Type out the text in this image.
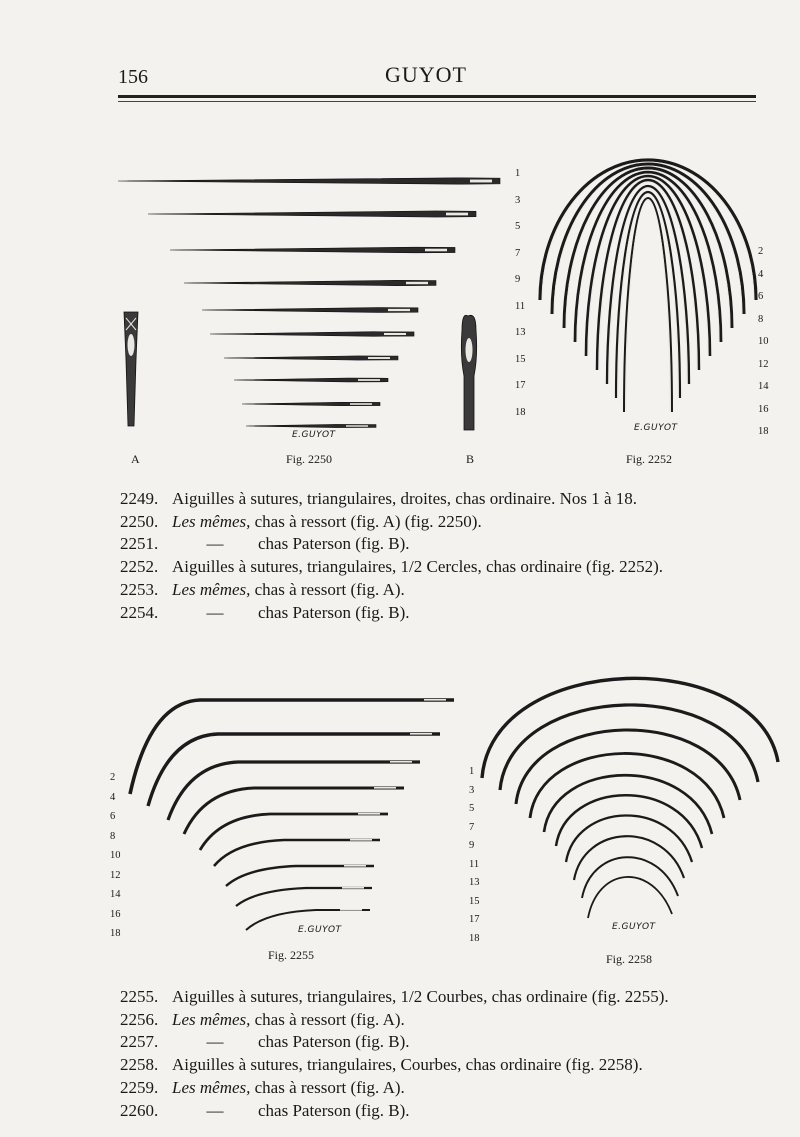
156	GUYOT
A	B
Fig. 2250
E.GUYOT
1
3
5
7
9
11
13
15
17
18
Fig. 2252
E.GUYOT
2
4
6
8
10
12
14
16
18
2249. Aiguilles à sutures, triangulaires, droites, chas ordinaire. Nos 1 à 18.
2250. Les mêmes, chas à ressort (fig. A) (fig. 2250).
2251.	— chas Paterson (fig. B).
2252. Aiguilles à sutures, triangulaires, 1/2 Cercles, chas ordinaire (fig. 2252).
2253. Les mêmes, chas à ressort (fig. A).
2254.	— chas Paterson (fig. B).
Fig. 2255
E.GUYOT
2
4
6
8
10
12
14
16
18
Fig. 2258
E.GUYOT
1
3
5
7
9
11
13
15
17
18
2255. Aiguilles à sutures, triangulaires, 1/2 Courbes, chas ordinaire (fig. 2255).
2256. Les mêmes, chas à ressort (fig. A).
2257.	— chas Paterson (fig. B).
2258. Aiguilles à sutures, triangulaires, Courbes, chas ordinaire (fig. 2258).
2259. Les mêmes, chas à ressort (fig. A).
2260.	— chas Paterson (fig. B).
